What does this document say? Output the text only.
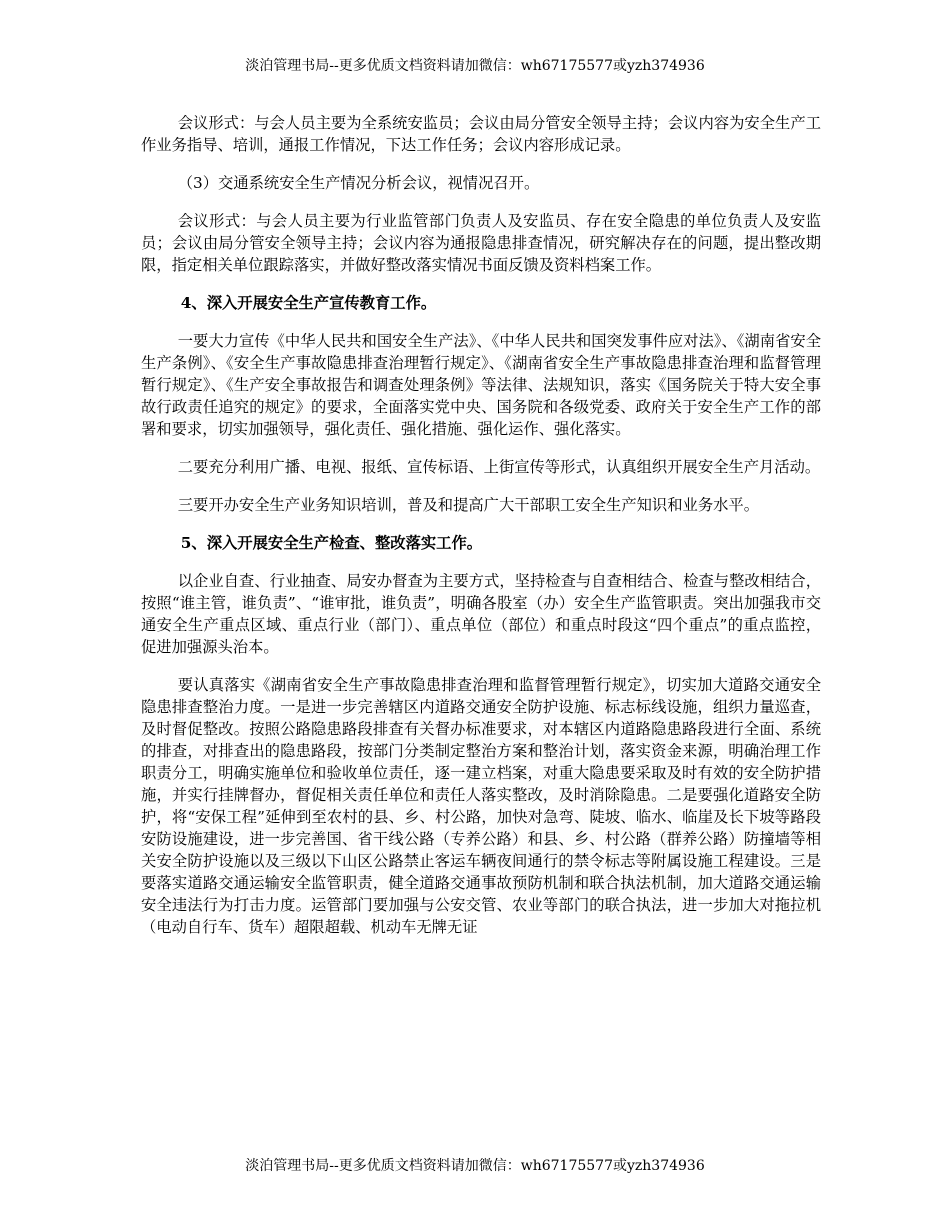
淡泊管理书局--更多优质文档资料请加微信：wh67175577或yzh374936

会议形式：与会人员主要为全系统安监员；会议由局分管安全领导主持；会议内容为安全生产工作业务指导、培训，通报工作情况，下达工作任务；会议内容形成记录。

（3）交通系统安全生产情况分析会议，视情况召开。

会议形式：与会人员主要为行业监管部门负责人及安监员、存在安全隐患的单位负责人及安监员；会议由局分管安全领导主持；会议内容为通报隐患排查情况，研究解决存在的问题，提出整改期限，指定相关单位跟踪落实，并做好整改落实情况书面反馈及资料档案工作。

4、深入开展安全生产宣传教育工作。

一要大力宣传《中华人民共和国安全生产法》、《中华人民共和国突发事件应对法》、《湖南省安全生产条例》、《安全生产事故隐患排查治理暂行规定》、《湖南省安全生产事故隐患排查治理和监督管理暂行规定》、《生产安全事故报告和调查处理条例》等法律、法规知识，落实《国务院关于特大安全事故行政责任追究的规定》的要求，全面落实党中央、国务院和各级党委、政府关于安全生产工作的部署和要求，切实加强领导，强化责任、强化措施、强化运作、强化落实。

二要充分利用广播、电视、报纸、宣传标语、上街宣传等形式，认真组织开展安全生产月活动。

三要开办安全生产业务知识培训，普及和提高广大干部职工安全生产知识和业务水平。

5、深入开展安全生产检查、整改落实工作。

以企业自查、行业抽查、局安办督查为主要方式，坚持检查与自查相结合、检查与整改相结合，按照“谁主管，谁负责”、“谁审批，谁负责”，明确各股室（办）安全生产监管职责。突出加强我市交通安全生产重点区域、重点行业（部门）、重点单位（部位）和重点时段这“四个重点”的重点监控，促进加强源头治本。

要认真落实《湖南省安全生产事故隐患排查治理和监督管理暂行规定》，切实加大道路交通安全隐患排查整治力度。一是进一步完善辖区内道路交通安全防护设施、标志标线设施，组织力量巡查，及时督促整改。按照公路隐患路段排查有关督办标准要求，对本辖区内道路隐患路段进行全面、系统的排查，对排查出的隐患路段，按部门分类制定整治方案和整治计划，落实资金来源，明确治理工作职责分工，明确实施单位和验收单位责任，逐一建立档案，对重大隐患要采取及时有效的安全防护措施，并实行挂牌督办，督促相关责任单位和责任人落实整改，及时消除隐患。二是要强化道路安全防护，将“安保工程”延伸到至农村的县、乡、村公路，加快对急弯、陡坡、临水、临崖及长下坡等路段安防设施建设，进一步完善国、省干线公路（专养公路）和县、乡、村公路（群养公路）防撞墙等相关安全防护设施以及三级以下山区公路禁止客运车辆夜间通行的禁令标志等附属设施工程建设。三是要落实道路交通运输安全监管职责，健全道路交通事故预防机制和联合执法机制，加大道路交通运输安全违法行为打击力度。运管部门要加强与公安交管、农业等部门的联合执法，进一步加大对拖拉机（电动自行车、货车）超限超载、机动车无牌无证

淡泊管理书局--更多优质文档资料请加微信：wh67175577或yzh374936
